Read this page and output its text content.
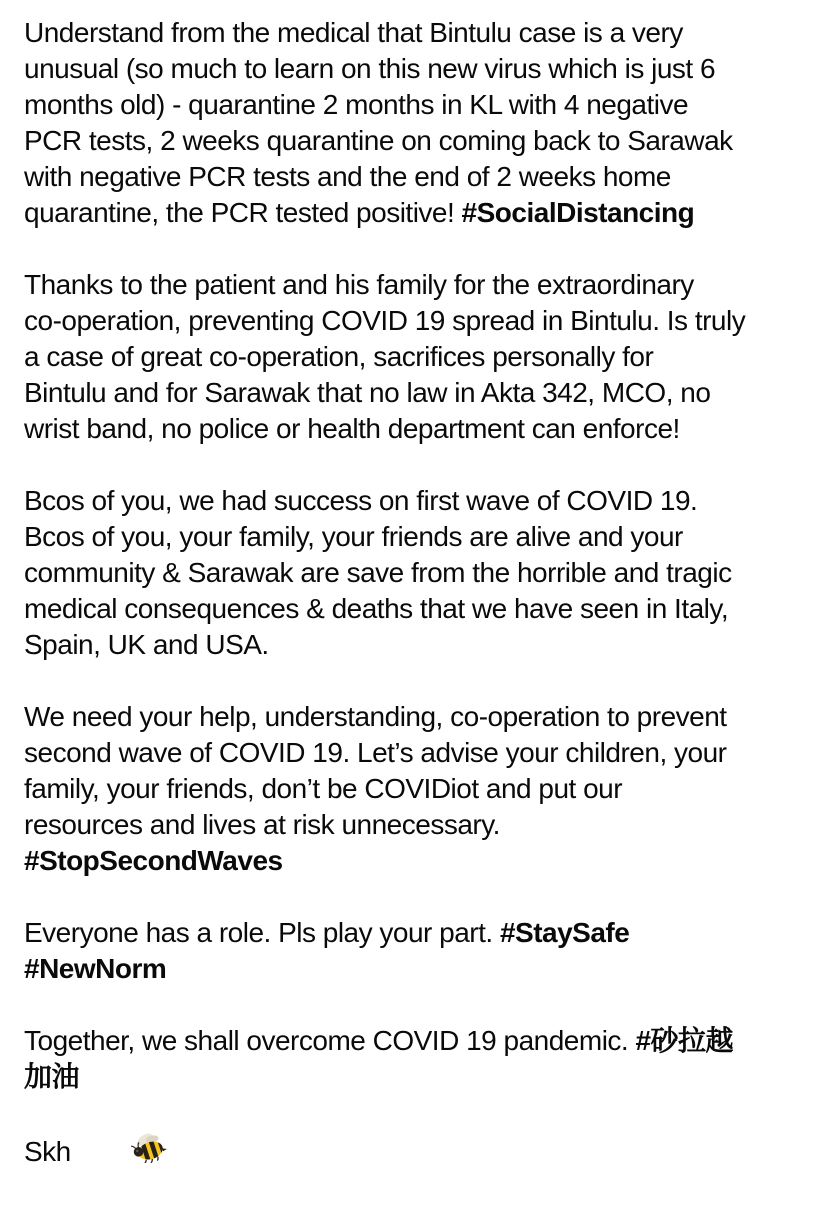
Understand from the medical that Bintulu case is a very
unusual (so much to learn on this new virus which is just 6
months old) - quarantine 2 months in KL with 4 negative
PCR tests, 2 weeks quarantine on coming back to Sarawak
with negative PCR tests and the end of 2 weeks home
quarantine, the PCR tested positive! #SocialDistancing
Thanks to the patient and his family for the extraordinary
co-operation, preventing COVID 19 spread in Bintulu. Is truly
a case of great co-operation, sacrifices personally for
Bintulu and for Sarawak that no law in Akta 342, MCO, no
wrist band, no police or health department can enforce!
Bcos of you, we had success on first wave of COVID 19.
Bcos of you, your family, your friends are alive and your
community & Sarawak are save from the horrible and tragic
medical consequences & deaths that we have seen in Italy,
Spain, UK and USA.
We need your help, understanding, co-operation to prevent
second wave of COVID 19. Let’s advise your children, your
family, your friends, don’t be COVIDiot and put our
resources and lives at risk unnecessary.
#StopSecondWaves
Everyone has a role. Pls play your part. #StaySafe
#NewNorm
Together, we shall overcome COVID 19 pandemic. #砂拉越
加油
Skh
